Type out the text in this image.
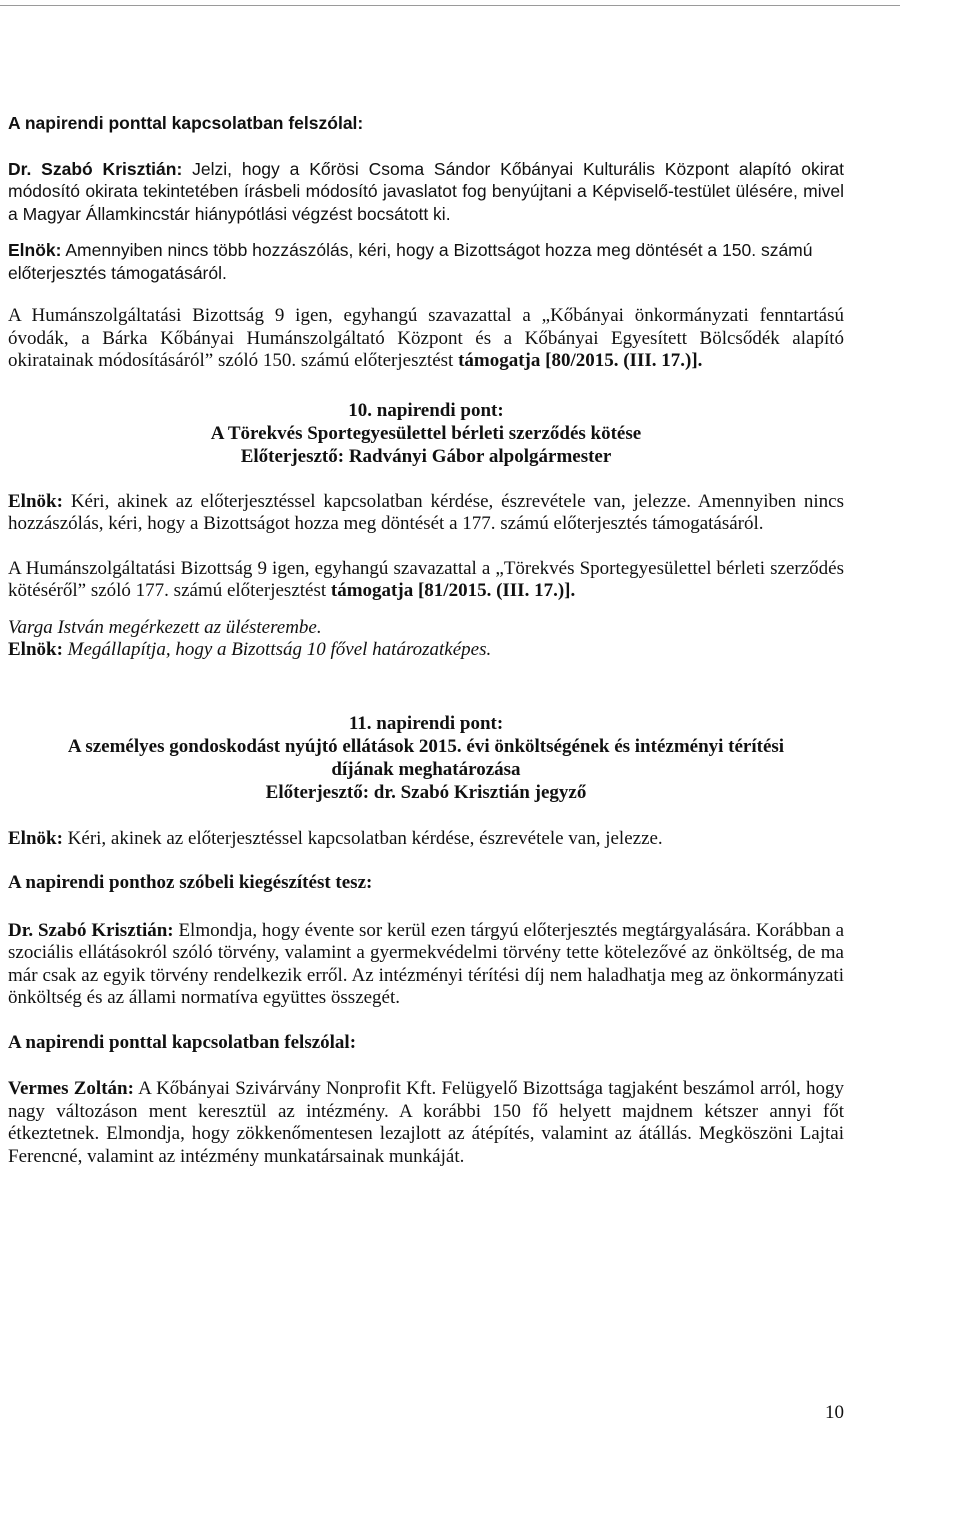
A napirendi ponttal kapcsolatban felszólal:

Dr. Szabó Krisztián: Jelzi, hogy a Kőrösi Csoma Sándor Kőbányai Kulturális Központ alapító okirat módosító okirata tekintetében írásbeli módosító javaslatot fog benyújtani a Képviselő-testület ülésére, mivel a Magyar Államkincstár hiánypótlási végzést bocsátott ki.

Elnök: Amennyiben nincs több hozzászólás, kéri, hogy a Bizottságot hozza meg döntését a 150. számú előterjesztés támogatásáról.

A Humánszolgáltatási Bizottság 9 igen, egyhangú szavazattal a „Kőbányai önkormányzati fenntartású óvodák, a Bárka Kőbányai Humánszolgáltató Központ és a Kőbányai Egyesített Bölcsődék alapító okiratainak módosításáról” szóló 150. számú előterjesztést támogatja [80/2015. (III. 17.)].

10. napirendi pont:

A Törekvés Sportegyesülettel bérleti szerződés kötése

Előterjesztő: Radványi Gábor alpolgármester

Elnök: Kéri, akinek az előterjesztéssel kapcsolatban kérdése, észrevétele van, jelezze. Amennyiben nincs hozzászólás, kéri, hogy a Bizottságot hozza meg döntését a 177. számú előterjesztés támogatásáról.

A Humánszolgáltatási Bizottság 9 igen, egyhangú szavazattal a „Törekvés Sportegyesülettel bérleti szerződés kötéséről” szóló 177. számú előterjesztést támogatja [81/2015. (III. 17.)].

Varga István megérkezett az ülésterembe.

Elnök: Megállapítja, hogy a Bizottság 10 fővel határozatképes.

11. napirendi pont:

A személyes gondoskodást nyújtó ellátások 2015. évi önköltségének és intézményi térítési

díjának meghatározása

Előterjesztő: dr. Szabó Krisztián jegyző

Elnök: Kéri, akinek az előterjesztéssel kapcsolatban kérdése, észrevétele van, jelezze.

A napirendi ponthoz szóbeli kiegészítést tesz:

Dr. Szabó Krisztián: Elmondja, hogy évente sor kerül ezen tárgyú előterjesztés megtárgyalására. Korábban a szociális ellátásokról szóló törvény, valamint a gyermekvédelmi törvény tette kötelezővé az önköltség, de ma már csak az egyik törvény rendelkezik erről. Az intézményi térítési díj nem haladhatja meg az önkormányzati önköltség és az állami normatíva együttes összegét.

A napirendi ponttal kapcsolatban felszólal:

Vermes Zoltán: A Kőbányai Szivárvány Nonprofit Kft. Felügyelő Bizottsága tagjaként beszámol arról, hogy nagy változáson ment keresztül az intézmény. A korábbi 150 fő helyett majdnem kétszer annyi főt étkeztetnek. Elmondja, hogy zökkenőmentesen lezajlott az átépítés, valamint az átállás. Megköszöni Lajtai Ferencné, valamint az intézmény munkatársainak munkáját.

10
